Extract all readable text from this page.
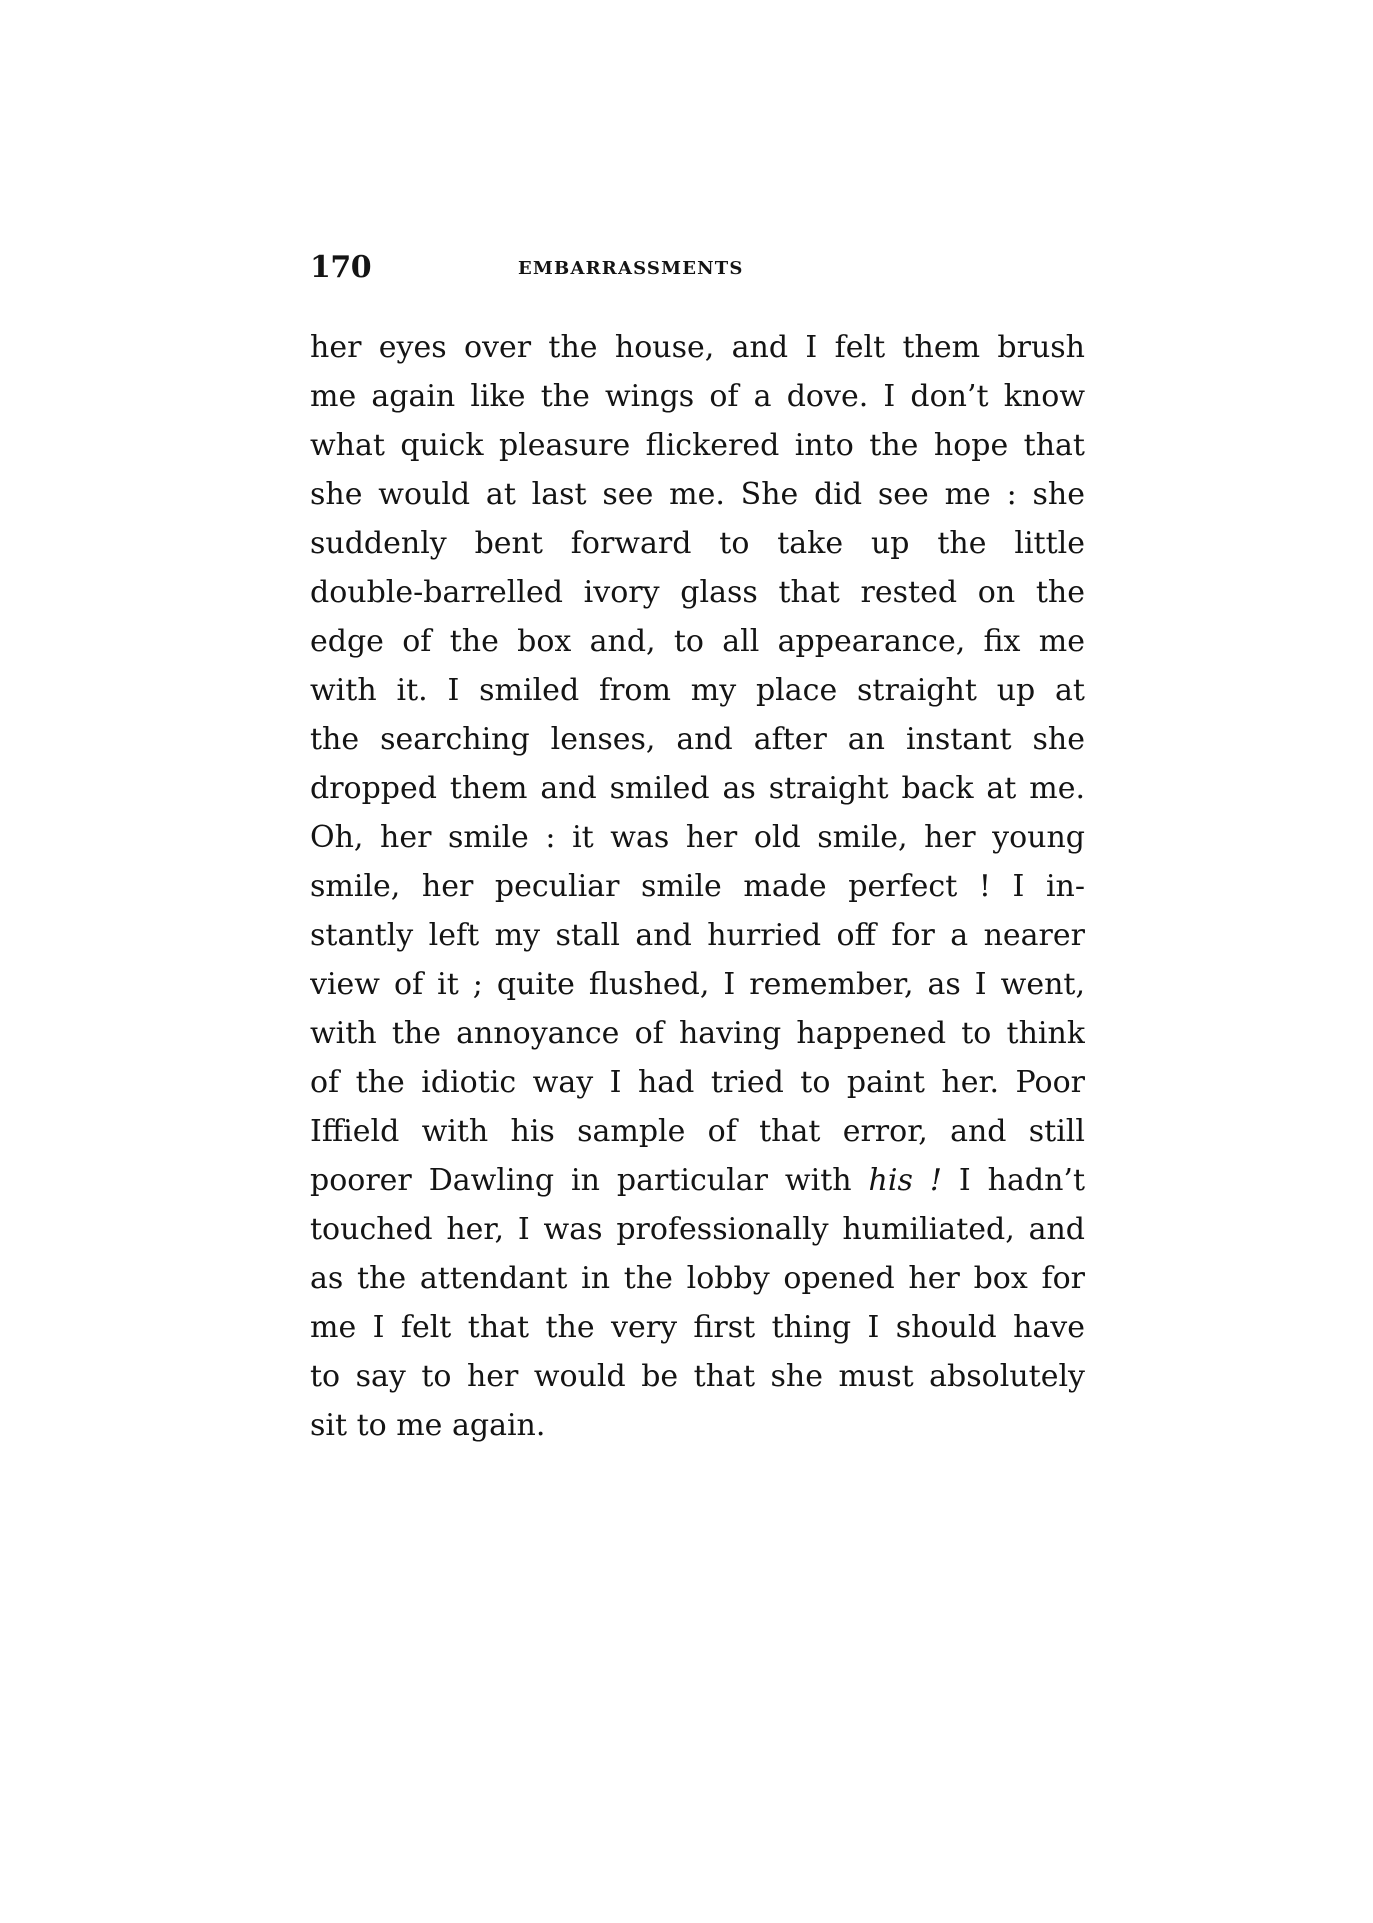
170	EMBARRASSMENTS
her eyes over the house, and I felt them brush
me again like the wings of a dove. I don’t know
what quick pleasure flickered into the hope that
she would at last see me. She did see me : she
suddenly bent forward to take up the little
double-barrelled ivory glass that rested on the
edge of the box and, to all appearance, fix me
with it. I smiled from my place straight up at
the searching lenses, and after an instant she
dropped them and smiled as straight back at me.
Oh, her smile : it was her old smile, her young
smile, her peculiar smile made perfect ! I in-
stantly left my stall and hurried off for a nearer
view of it ; quite flushed, I remember, as I went,
with the annoyance of having happened to think
of the idiotic way I had tried to paint her. Poor
Iffield with his sample of that error, and still
poorer Dawling in particular with his ! I hadn’t
touched her, I was professionally humiliated, and
as the attendant in the lobby opened her box for
me I felt that the very first thing I should have
to say to her would be that she must absolutely
sit to me again.
